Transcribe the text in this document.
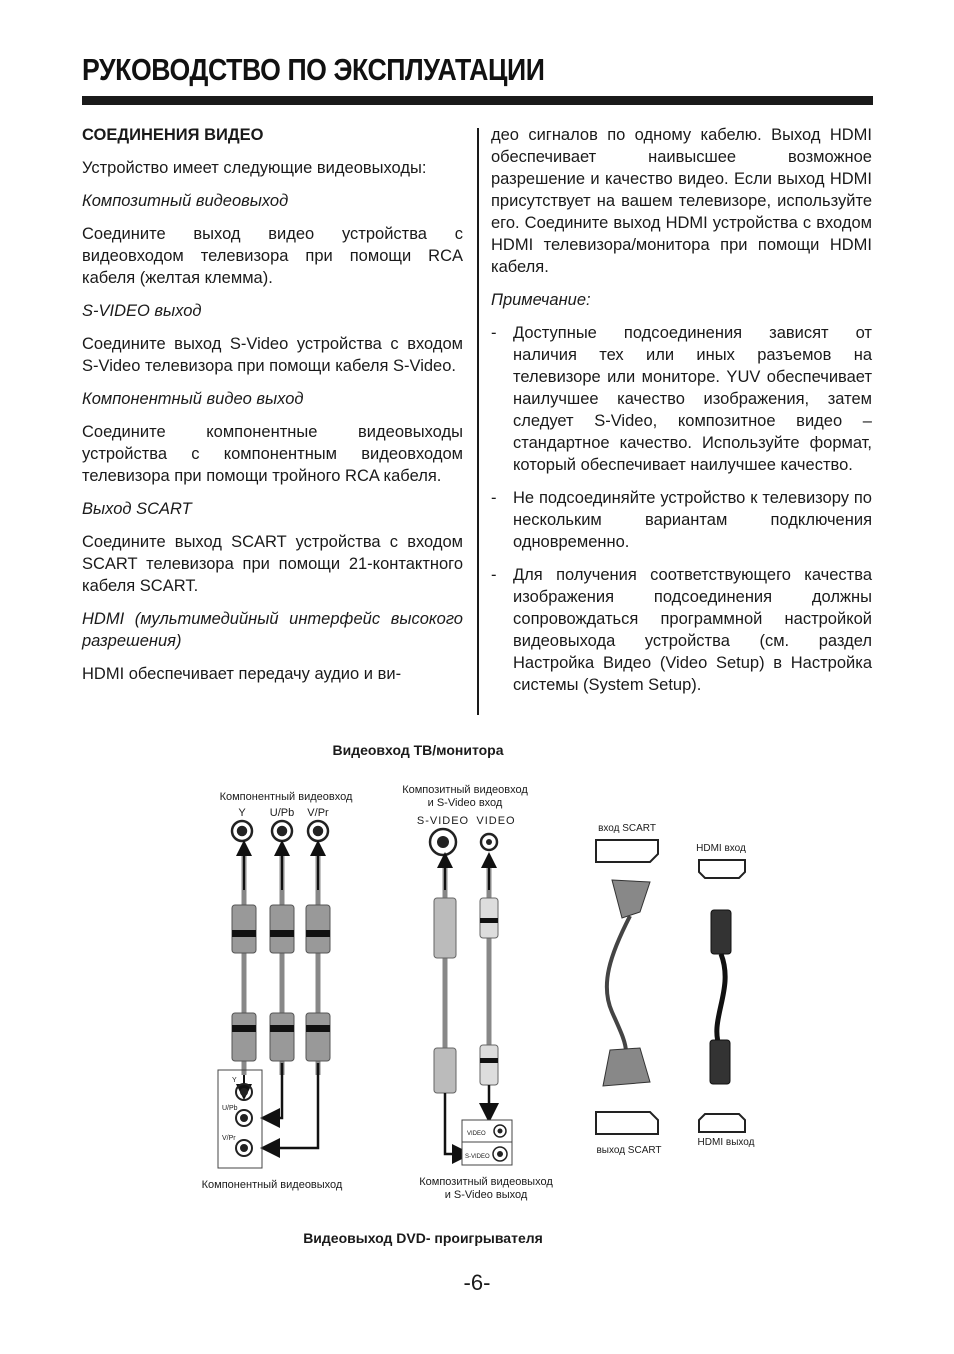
РУКОВОДСТВО ПО ЭКСПЛУАТАЦИИ

СОЕДИНЕНИЯ ВИДЕО

Устройство имеет следующие видеовыходы:

Композитный видеовыход

Соедините выход видео устройства с видеовходом телевизора при помощи RCA кабеля (желтая клемма).

S-VIDEO выход

Соедините выход S-Video устройства с входом S-Video телевизора при помощи кабеля S-Video.

Компонентный видео выход

Соедините компонентные видеовыходы устройства с компонентным видеовходом телевизора при помощи тройного RCA кабеля.

Выход SCART

Соедините выход SCART устройства с входом SCART телевизора при помощи 21-контактного кабеля SCART.

HDMI (мультимедийный интерфейс высокого разрешения)

HDMI обеспечивает передачу аудио и ви-

део сигналов по одному кабелю. Выход HDMI обеспечивает наивысшее возможное разрешение и качество видео. Если выход HDMI присутствует на вашем телевизоре, используйте его. Соедините выход HDMI устройства с входом HDMI телевизора/монитора при помощи HDMI кабеля.

Примечание:

- Доступные подсоединения зависят от наличия тех или иных разъемов на телевизоре или мониторе. YUV обеспечивает наилучшее качество изображения, затем следует S-Video, композитное видео – стандартное качество. Используйте формат, который обеспечивает наилучшее качество.
- Не подсоединяйте устройство к телевизору по нескольким вариантам подключения одновременно.
- Для получения соответствующего качества изображения подсоединения должны сопровождаться программной настройкой видеовыхода устройства (см. раздел Настройка Видео (Video Setup) в Настройка системы (System Setup).
Видеовход ТВ/монитора
Компонентный видеовход
Y U/Pb V/Pr
Y
U/Pb
V/Pr
Компонентный видеовыход
Композитный видеовход
и S-Video вход
S-VIDEO VIDEO
VIDEO
S-VIDEO
Композитный видеовыход
и S-Video выход
вход SCART
выход SCART
HDMI вход
HDMI выход
Видеовыход DVD- проигрывателя
-6-
